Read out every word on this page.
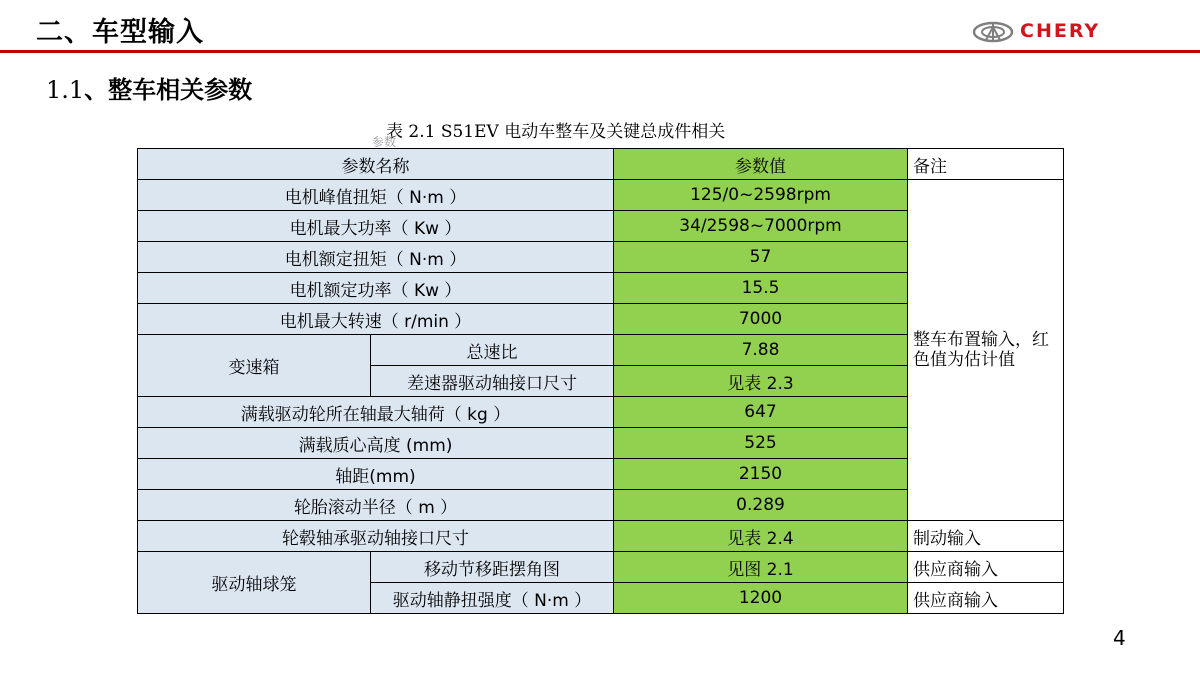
二、车型输入	CHERY
1.1、整车相关参数
表 2.1 S51EV 电动车整车及关键总成件相关
参数
参数名称		参数值	备注
电机峰值扭矩（ N·m ）		125/0~2598rpm	整车布置输入，红色值为估计值
电机最大功率（ Kw ）		34/2598~7000rpm	
电机额定扭矩（ N·m ）		57	
电机额定功率（ Kw ）		15.5	
电机最大转速（ r/min ）		7000	
变速箱	总速比	7.88	
	差速器驱动轴接口尺寸	见表 2.3	
满载驱动轮所在轴最大轴荷（ kg ）		647	
满载质心高度 (mm)		525	
轴距(mm)		2150	
轮胎滚动半径（ m ）		0.289	
轮毂轴承驱动轴接口尺寸		见表 2.4	制动输入
驱动轴球笼	移动节移距摆角图	见图 2.1	供应商输入
	驱动轴静扭强度（ N·m ）	1200	供应商输入
4
